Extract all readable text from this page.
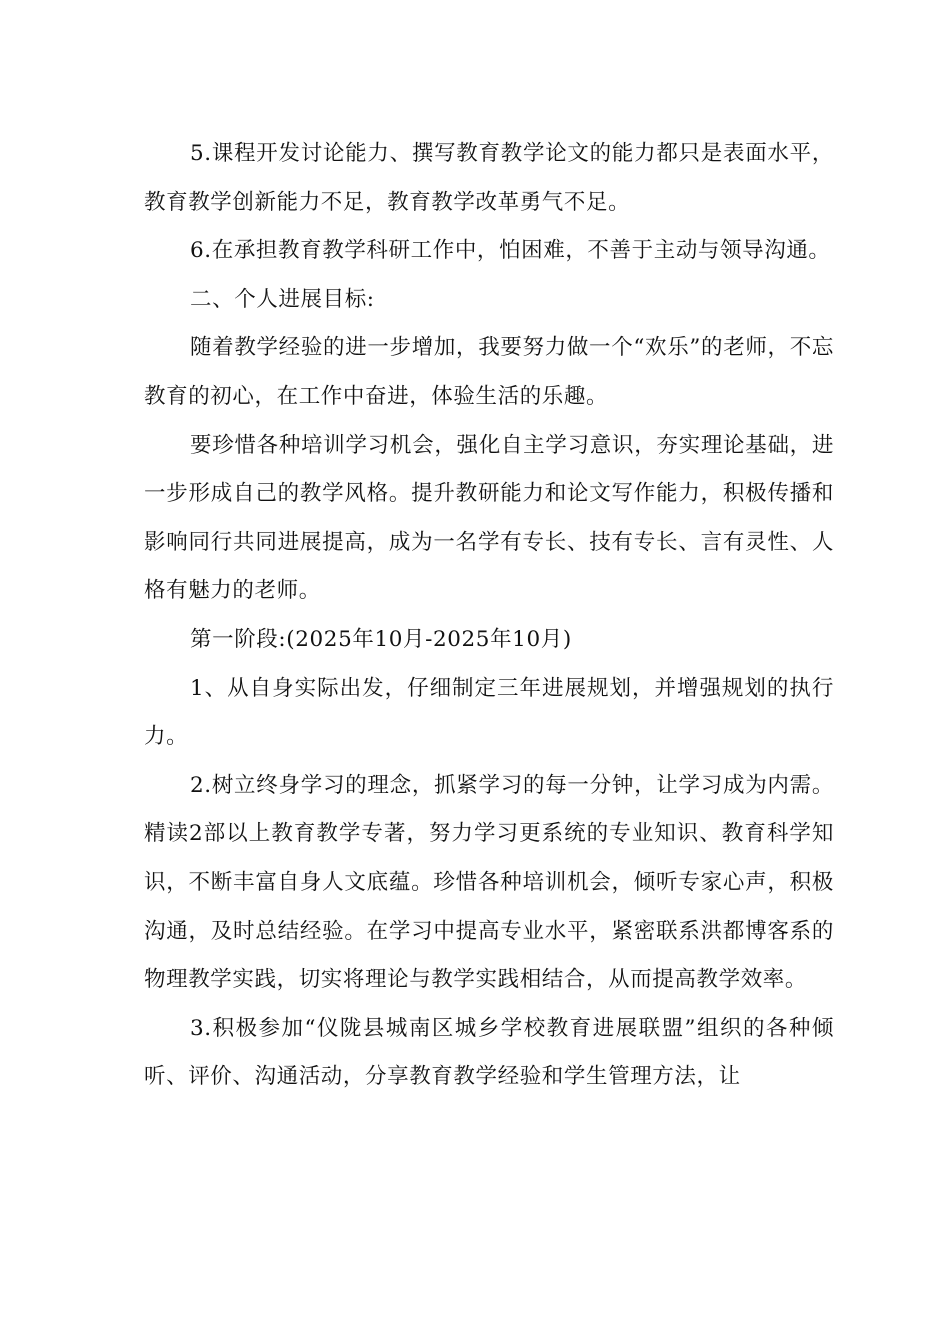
5.课程开发讨论能力、撰写教育教学论文的能力都只是表面水平，教育教学创新能力不足，教育教学改革勇气不足。

6.在承担教育教学科研工作中，怕困难，不善于主动与领导沟通。

二、个人进展目标:

随着教学经验的进一步增加，我要努力做一个“欢乐”的老师，不忘教育的初心，在工作中奋进，体验生活的乐趣。

要珍惜各种培训学习机会，强化自主学习意识，夯实理论基础，进一步形成自己的教学风格。提升教研能力和论文写作能力，积极传播和影响同行共同进展提高，成为一名学有专长、技有专长、言有灵性、人格有魅力的老师。

第一阶段:(2025年10月-2025年10月)

1、从自身实际出发，仔细制定三年进展规划，并增强规划的执行力。

2.树立终身学习的理念，抓紧学习的每一分钟，让学习成为内需。精读2部以上教育教学专著，努力学习更系统的专业知识、教育科学知识，不断丰富自身人文底蕴。珍惜各种培训机会，倾听专家心声，积极沟通，及时总结经验。在学习中提高专业水平，紧密联系洪都博客系的物理教学实践，切实将理论与教学实践相结合，从而提高教学效率。

3.积极参加“仪陇县城南区城乡学校教育进展联盟”组织的各种倾听、评价、沟通活动，分享教育教学经验和学生管理方法，让
